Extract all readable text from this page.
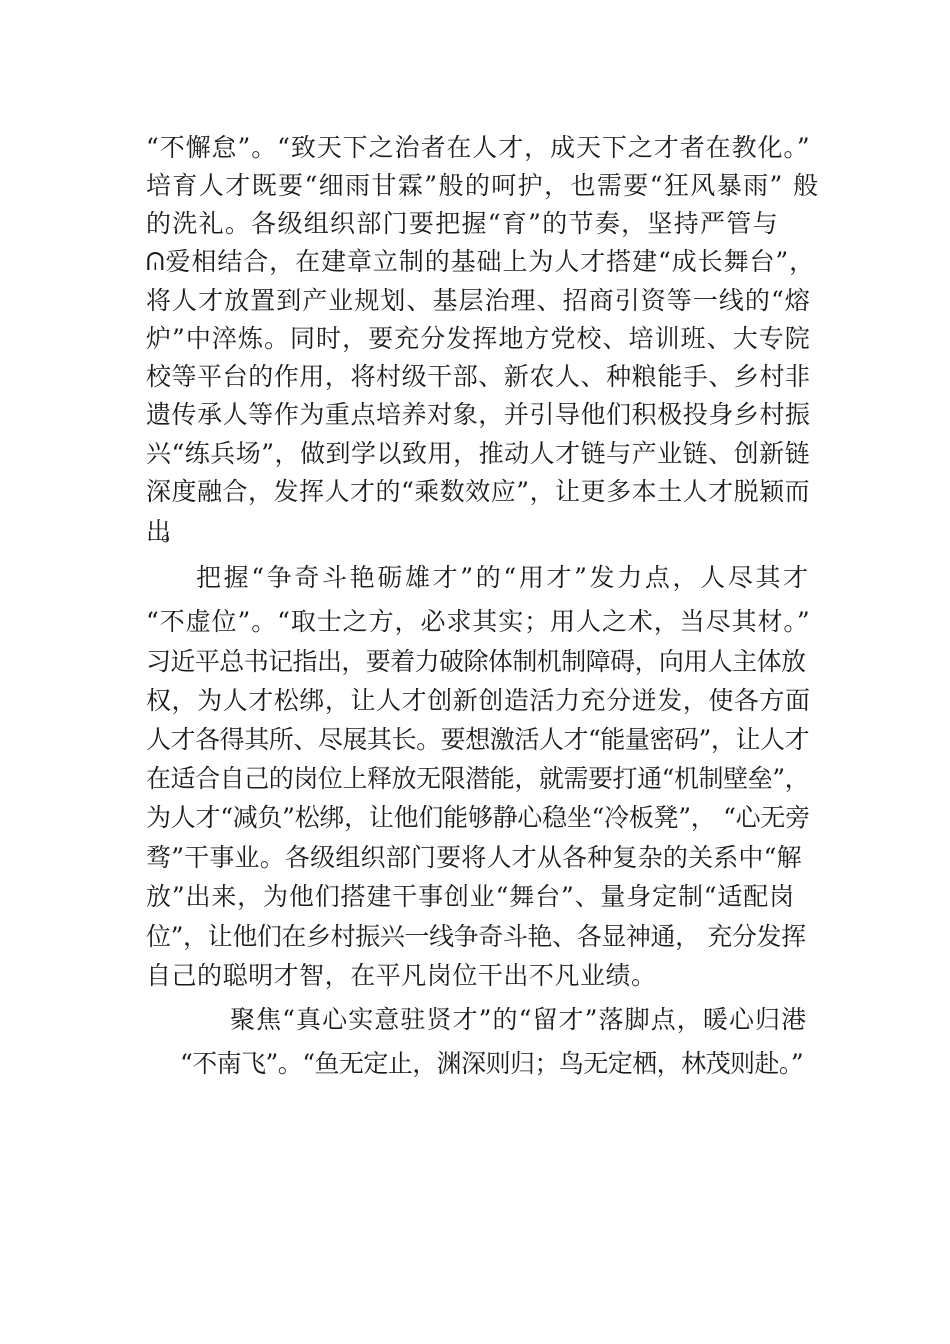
“不懈怠”。“致天下之治者在人才，成天下之才者在教化。”
培育人才既要“细雨甘霖”般的呵护，也需要“狂风暴雨” 般
的洗礼。各级组织部门要把握“育”的节奏，坚持严管与
ᕬ爱相结合，在建章立制的基础上为人才搭建“成长舞台”，
将人才放置到产业规划、基层治理、招商引资等一线的“熔
炉”中淬炼。同时，要充分发挥地方党校、培训班、大专院
校等平台的作用，将村级干部、新农人、种粮能手、乡村非
遗传承人等作为重点培养对象，并引导他们积极投身乡村振
兴“练兵场”，做到学以致用，推动人才链与产业链、创新链
深度融合，发挥人才的“乘数效应”，让更多本土人才脱颖而
出。
把握“争奇斗艳砺雄才”的“用才”发力点，人尽其才
“不虚位”。“取士之方，必求其实；用人之术，当尽其材。”
习近平总书记指出，要着力破除体制机制障碍，向用人主体放
权，为人才松绑，让人才创新创造活力充分迸发，使各方面
人才各得其所、尽展其长。要想激活人才“能量密码”，让人才
在适合自己的岗位上释放无限潜能，就需要打通“机制壁垒”，
为人才“减负”松绑，让他们能够静心稳坐“冷板凳”， “心无旁
骛”干事业。各级组织部门要将人才从各种复杂的关系中“解
放”出来，为他们搭建干事创业“舞台”、量身定制“适配岗
位”，让他们在乡村振兴一线争奇斗艳、各显神通， 充分发挥
自己的聪明才智，在平凡岗位干出不凡业绩。
聚焦“真心实意驻贤才”的“留才”落脚点，暖心归港
“不南飞”。“鱼无定止，渊深则归；鸟无定栖，林茂则赴。”
